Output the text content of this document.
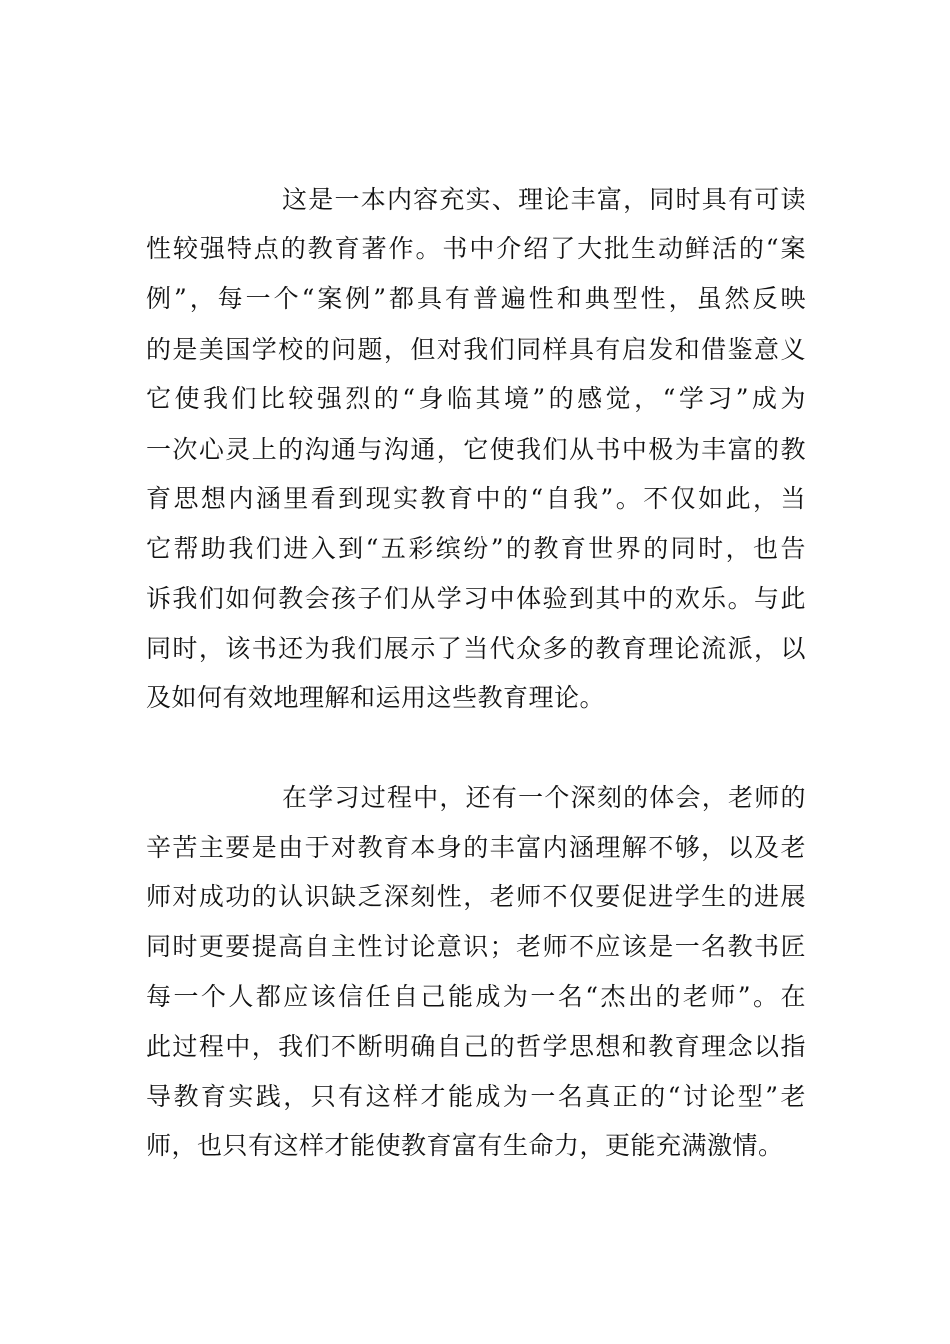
这是一本内容充实、理论丰富，同时具有可读
性较强特点的教育著作。书中介绍了大批生动鲜活的“案
例”，每一个“案例”都具有普遍性和典型性，虽然反映
的是美国学校的问题，但对我们同样具有启发和借鉴意义
它使我们比较强烈的“身临其境”的感觉，“学习”成为
一次心灵上的沟通与沟通，它使我们从书中极为丰富的教
育思想内涵里看到现实教育中的“自我”。不仅如此，当
它帮助我们进入到“五彩缤纷”的教育世界的同时，也告
诉我们如何教会孩子们从学习中体验到其中的欢乐。与此
同时，该书还为我们展示了当代众多的教育理论流派，以
及如何有效地理解和运用这些教育理论。
在学习过程中，还有一个深刻的体会，老师的
辛苦主要是由于对教育本身的丰富内涵理解不够，以及老
师对成功的认识缺乏深刻性，老师不仅要促进学生的进展
同时更要提高自主性讨论意识；老师不应该是一名教书匠
每一个人都应该信任自己能成为一名“杰出的老师”。在
此过程中，我们不断明确自己的哲学思想和教育理念以指
导教育实践，只有这样才能成为一名真正的“讨论型”老
师，也只有这样才能使教育富有生命力，更能充满激情。
